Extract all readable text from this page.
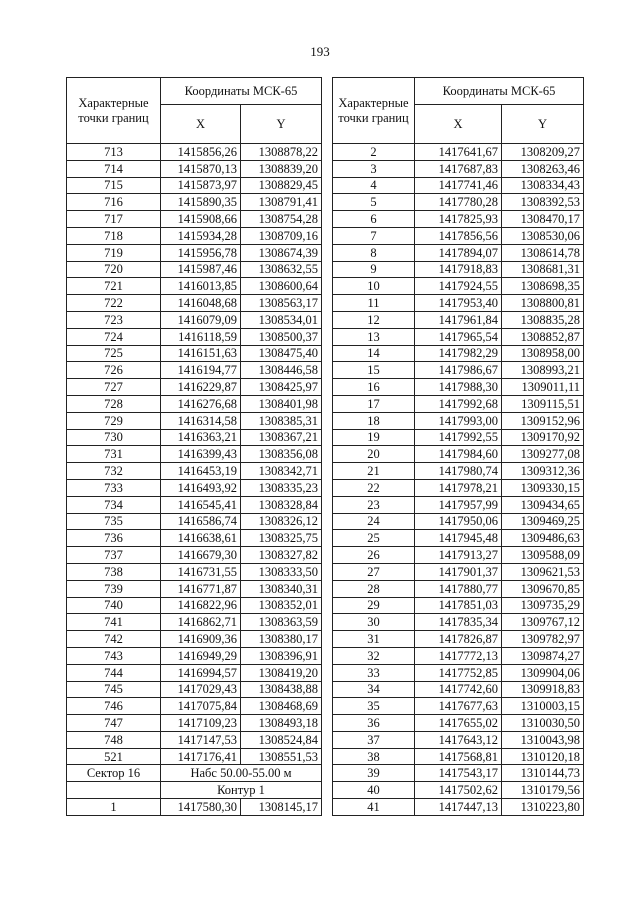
193
Характерные точки границ	Координаты МСК-65	
	X	Y
713	1415856,26	1308878,22
714	1415870,13	1308839,20
715	1415873,97	1308829,45
716	1415890,35	1308791,41
717	1415908,66	1308754,28
718	1415934,28	1308709,16
719	1415956,78	1308674,39
720	1415987,46	1308632,55
721	1416013,85	1308600,64
722	1416048,68	1308563,17
723	1416079,09	1308534,01
724	1416118,59	1308500,37
725	1416151,63	1308475,40
726	1416194,77	1308446,58
727	1416229,87	1308425,97
728	1416276,68	1308401,98
729	1416314,58	1308385,31
730	1416363,21	1308367,21
731	1416399,43	1308356,08
732	1416453,19	1308342,71
733	1416493,92	1308335,23
734	1416545,41	1308328,84
735	1416586,74	1308326,12
736	1416638,61	1308325,75
737	1416679,30	1308327,82
738	1416731,55	1308333,50
739	1416771,87	1308340,31
740	1416822,96	1308352,01
741	1416862,71	1308363,59
742	1416909,36	1308380,17
743	1416949,29	1308396,91
744	1416994,57	1308419,20
745	1417029,43	1308438,88
746	1417075,84	1308468,69
747	1417109,23	1308493,18
748	1417147,53	1308524,84
521	1417176,41	1308551,53
Сектор 16	Набс 50.00-55.00 м	
	Контур 1	
1	1417580,30	1308145,17
Характерные точки границ	Координаты МСК-65	
	X	Y
2	1417641,67	1308209,27
3	1417687,83	1308263,46
4	1417741,46	1308334,43
5	1417780,28	1308392,53
6	1417825,93	1308470,17
7	1417856,56	1308530,06
8	1417894,07	1308614,78
9	1417918,83	1308681,31
10	1417924,55	1308698,35
11	1417953,40	1308800,81
12	1417961,84	1308835,28
13	1417965,54	1308852,87
14	1417982,29	1308958,00
15	1417986,67	1308993,21
16	1417988,30	1309011,11
17	1417992,68	1309115,51
18	1417993,00	1309152,96
19	1417992,55	1309170,92
20	1417984,60	1309277,08
21	1417980,74	1309312,36
22	1417978,21	1309330,15
23	1417957,99	1309434,65
24	1417950,06	1309469,25
25	1417945,48	1309486,63
26	1417913,27	1309588,09
27	1417901,37	1309621,53
28	1417880,77	1309670,85
29	1417851,03	1309735,29
30	1417835,34	1309767,12
31	1417826,87	1309782,97
32	1417772,13	1309874,27
33	1417752,85	1309904,06
34	1417742,60	1309918,83
35	1417677,63	1310003,15
36	1417655,02	1310030,50
37	1417643,12	1310043,98
38	1417568,81	1310120,18
39	1417543,17	1310144,73
40	1417502,62	1310179,56
41	1417447,13	1310223,80
